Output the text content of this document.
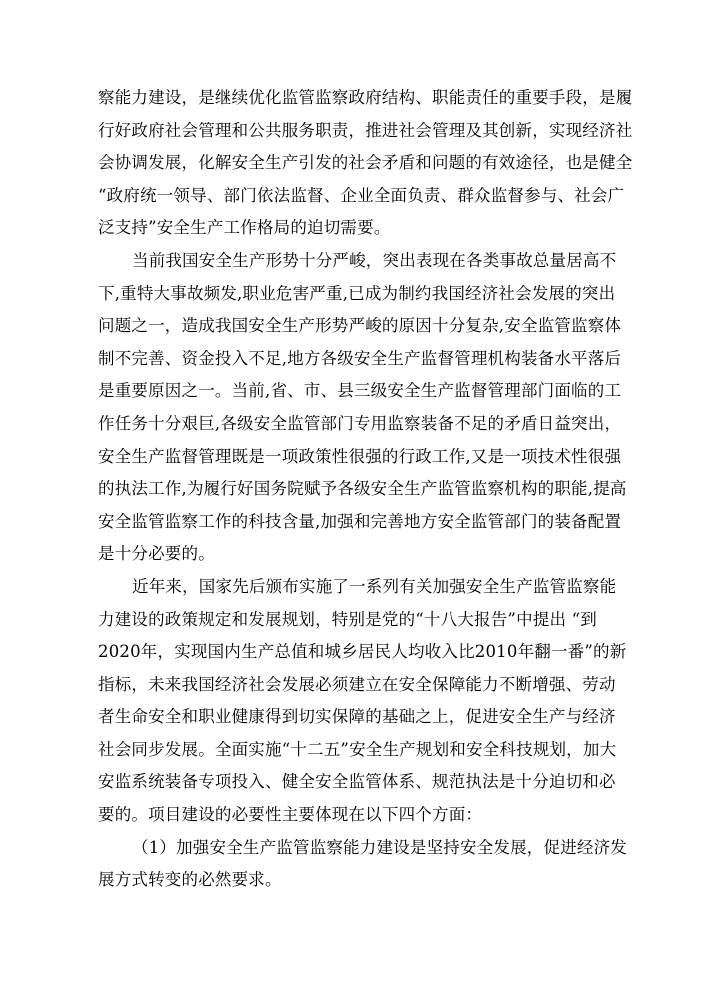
察能力建设，是继续优化监管监察政府结构、职能责任的重要手段，是履
行好政府社会管理和公共服务职责，推进社会管理及其创新，实现经济社
会协调发展，化解安全生产引发的社会矛盾和问题的有效途径，也是健全
“政府统一领导、部门依法监督、企业全面负责、群众监督参与、社会广
泛支持”安全生产工作格局的迫切需要。

当前我国安全生产形势十分严峻，突出表现在各类事故总量居高不
下,重特大事故频发,职业危害严重,已成为制约我国经济社会发展的突出
问题之一，造成我国安全生产形势严峻的原因十分复杂,安全监管监察体
制不完善、资金投入不足,地方各级安全生产监督管理机构装备水平落后
是重要原因之一。当前,省、市、县三级安全生产监督管理部门面临的工
作任务十分艰巨,各级安全监管部门专用监察装备不足的矛盾日益突出，
安全生产监督管理既是一项政策性很强的行政工作,又是一项技术性很强
的执法工作,为履行好国务院赋予各级安全生产监管监察机构的职能,提高
安全监管监察工作的科技含量,加强和完善地方安全监管部门的装备配置
是十分必要的。

近年来，国家先后颁布实施了一系列有关加强安全生产监管监察能
力建设的政策规定和发展规划，特别是党的“十八大报告”中提出 “到
2020年，实现国内生产总值和城乡居民人均收入比2010年翻一番”的新
指标，未来我国经济社会发展必须建立在安全保障能力不断增强、劳动
者生命安全和职业健康得到切实保障的基础之上，促进安全生产与经济
社会同步发展。全面实施“十二五”安全生产规划和安全科技规划，加大
安监系统装备专项投入、健全安全监管体系、规范执法是十分迫切和必
要的。项目建设的必要性主要体现在以下四个方面：

（1）加强安全生产监管监察能力建设是坚持安全发展，促进经济发
展方式转变的必然要求。
